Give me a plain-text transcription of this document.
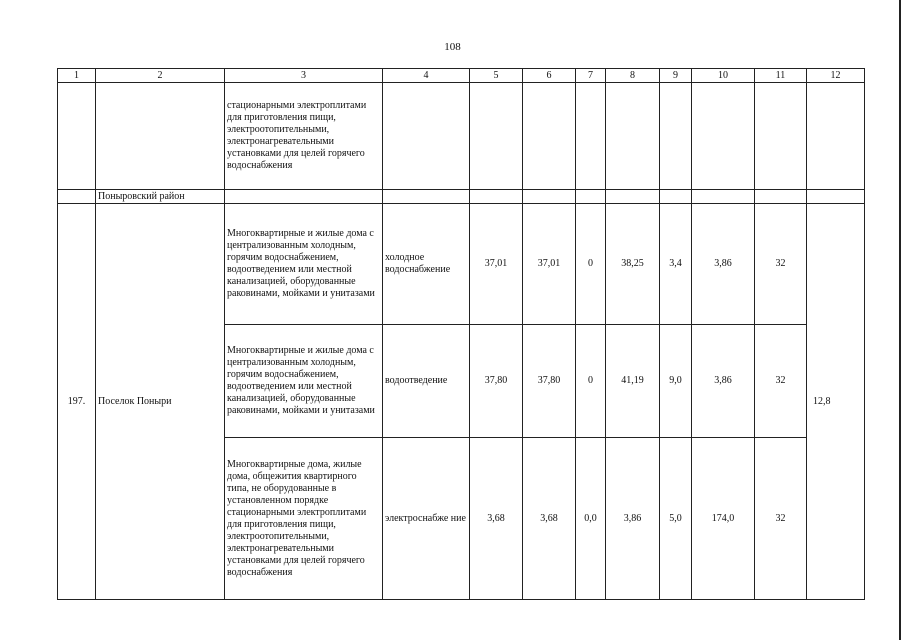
108
1	2	3	4	5	6	7	8	9	10	11	12
		стационарными электроплитами для приготовления пищи, электроотопительными, электронагревательными установками для целей горячего водоснабжения									
	Поныровский район										
197.	Поселок Поныри	Многоквартирные и жилые дома с централизованным холодным, горячим водоснабжением, водоотведением или местной канализацией, оборудованные раковинами, мойками и унитазами	холодное водоснабжение	37,01	37,01	0	38,25	3,4	3,86	32	12,8
		Многоквартирные и жилые дома с централизованным холодным, горячим водоснабжением, водоотведением или местной канализацией, оборудованные раковинами, мойками и унитазами	водоотведение	37,80	37,80	0	41,19	9,0	3,86	32	
		Многоквартирные дома, жилые дома, общежития квартирного типа, не оборудованные в установленном порядке стационарными электроплитами для приготовления пищи, электроотопительными, электронагревательными установками для целей горячего водоснабжения	электроснабже ние	3,68	3,68	0,0	3,86	5,0	174,0	32	
